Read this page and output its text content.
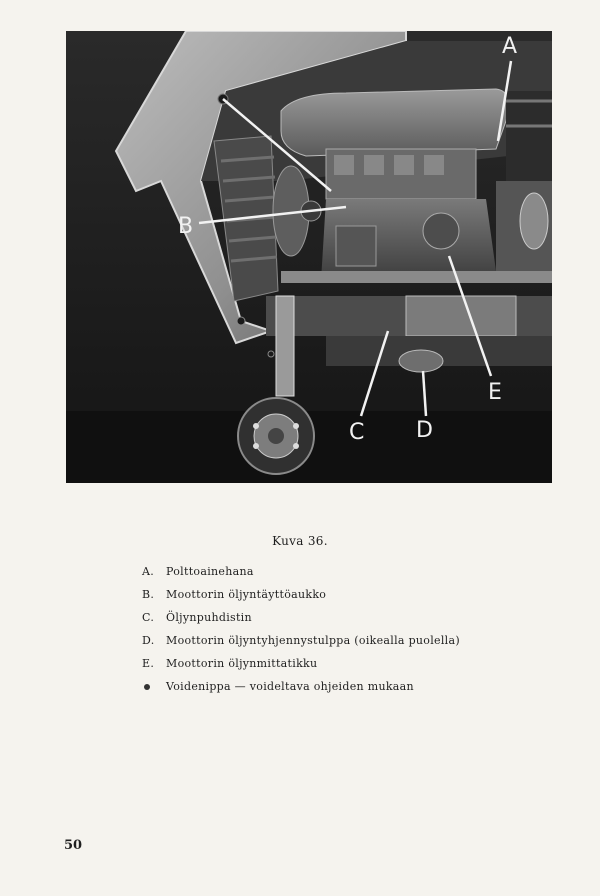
A
B
C D
E
Kuva 36.
A. Polttoainehana
B. Moottorin öljyntäyttöaukko
C. Öljynpuhdistin
D. Moottorin öljyntyhjennystulppa (oikealla puolella)
E. Moottorin öljynmittatikku
Voidenippa — voideltava ohjeiden mukaan
50
